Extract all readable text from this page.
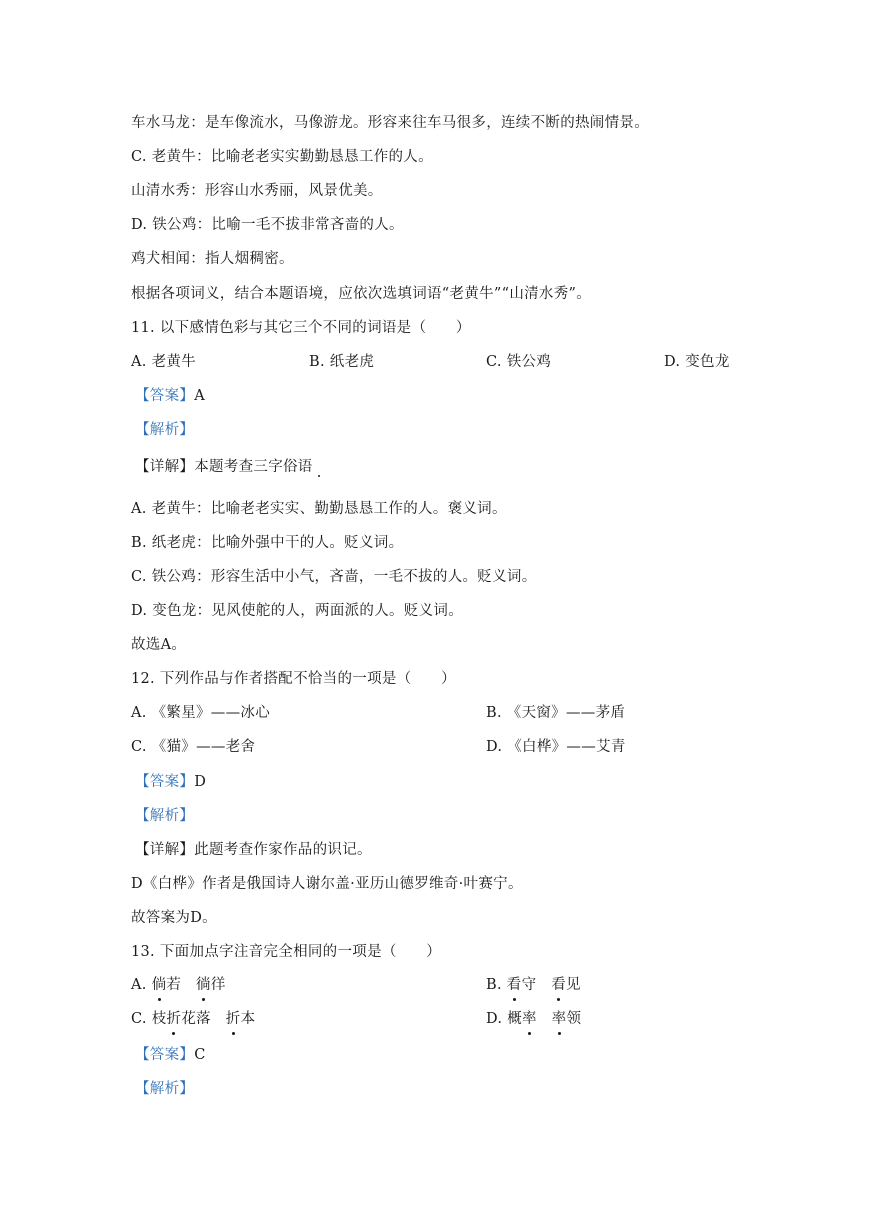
车水马龙：是车像流水，马像游龙。形容来往车马很多，连续不断的热闹情景。
C. 老黄牛：比喻老老实实勤勤恳恳工作的人。
山清水秀：形容山水秀丽，风景优美。
D. 铁公鸡：比喻一毛不拔非常吝啬的人。
鸡犬相闻：指人烟稠密。
根据各项词义，结合本题语境，应依次选填词语“老黄牛”“山清水秀”。
11. 以下感情色彩与其它三个不同的词语是（　　）
A. 老黄牛	B. 纸老虎	C. 铁公鸡	D. 变色龙
【答案】A
【解析】
【详解】本题考查三字俗语
A. 老黄牛：比喻老老实实、勤勤恳恳工作的人。褒义词。
B. 纸老虎：比喻外强中干的人。贬义词。
C. 铁公鸡：形容生活中小气，吝啬，一毛不拔的人。贬义词。
D. 变色龙：见风使舵的人，两面派的人。贬义词。
故选A。
12. 下列作品与作者搭配不恰当的一项是（　　）
A. 《繁星》——冰心	B. 《天窗》——茅盾
C. 《猫》——老舍	D. 《白桦》——艾青
【答案】D
【解析】
【详解】此题考查作家作品的识记。
D《白桦》作者是俄国诗人谢尔盖·亚历山德罗维奇·叶赛宁。
故答案为D。
13. 下面加点字注音完全相同的一项是（　　）
A. 倘若　 徜徉	B. 看守　 看见
C. 枝折花落　 折本	D. 概率　 率领
【答案】C
【解析】
